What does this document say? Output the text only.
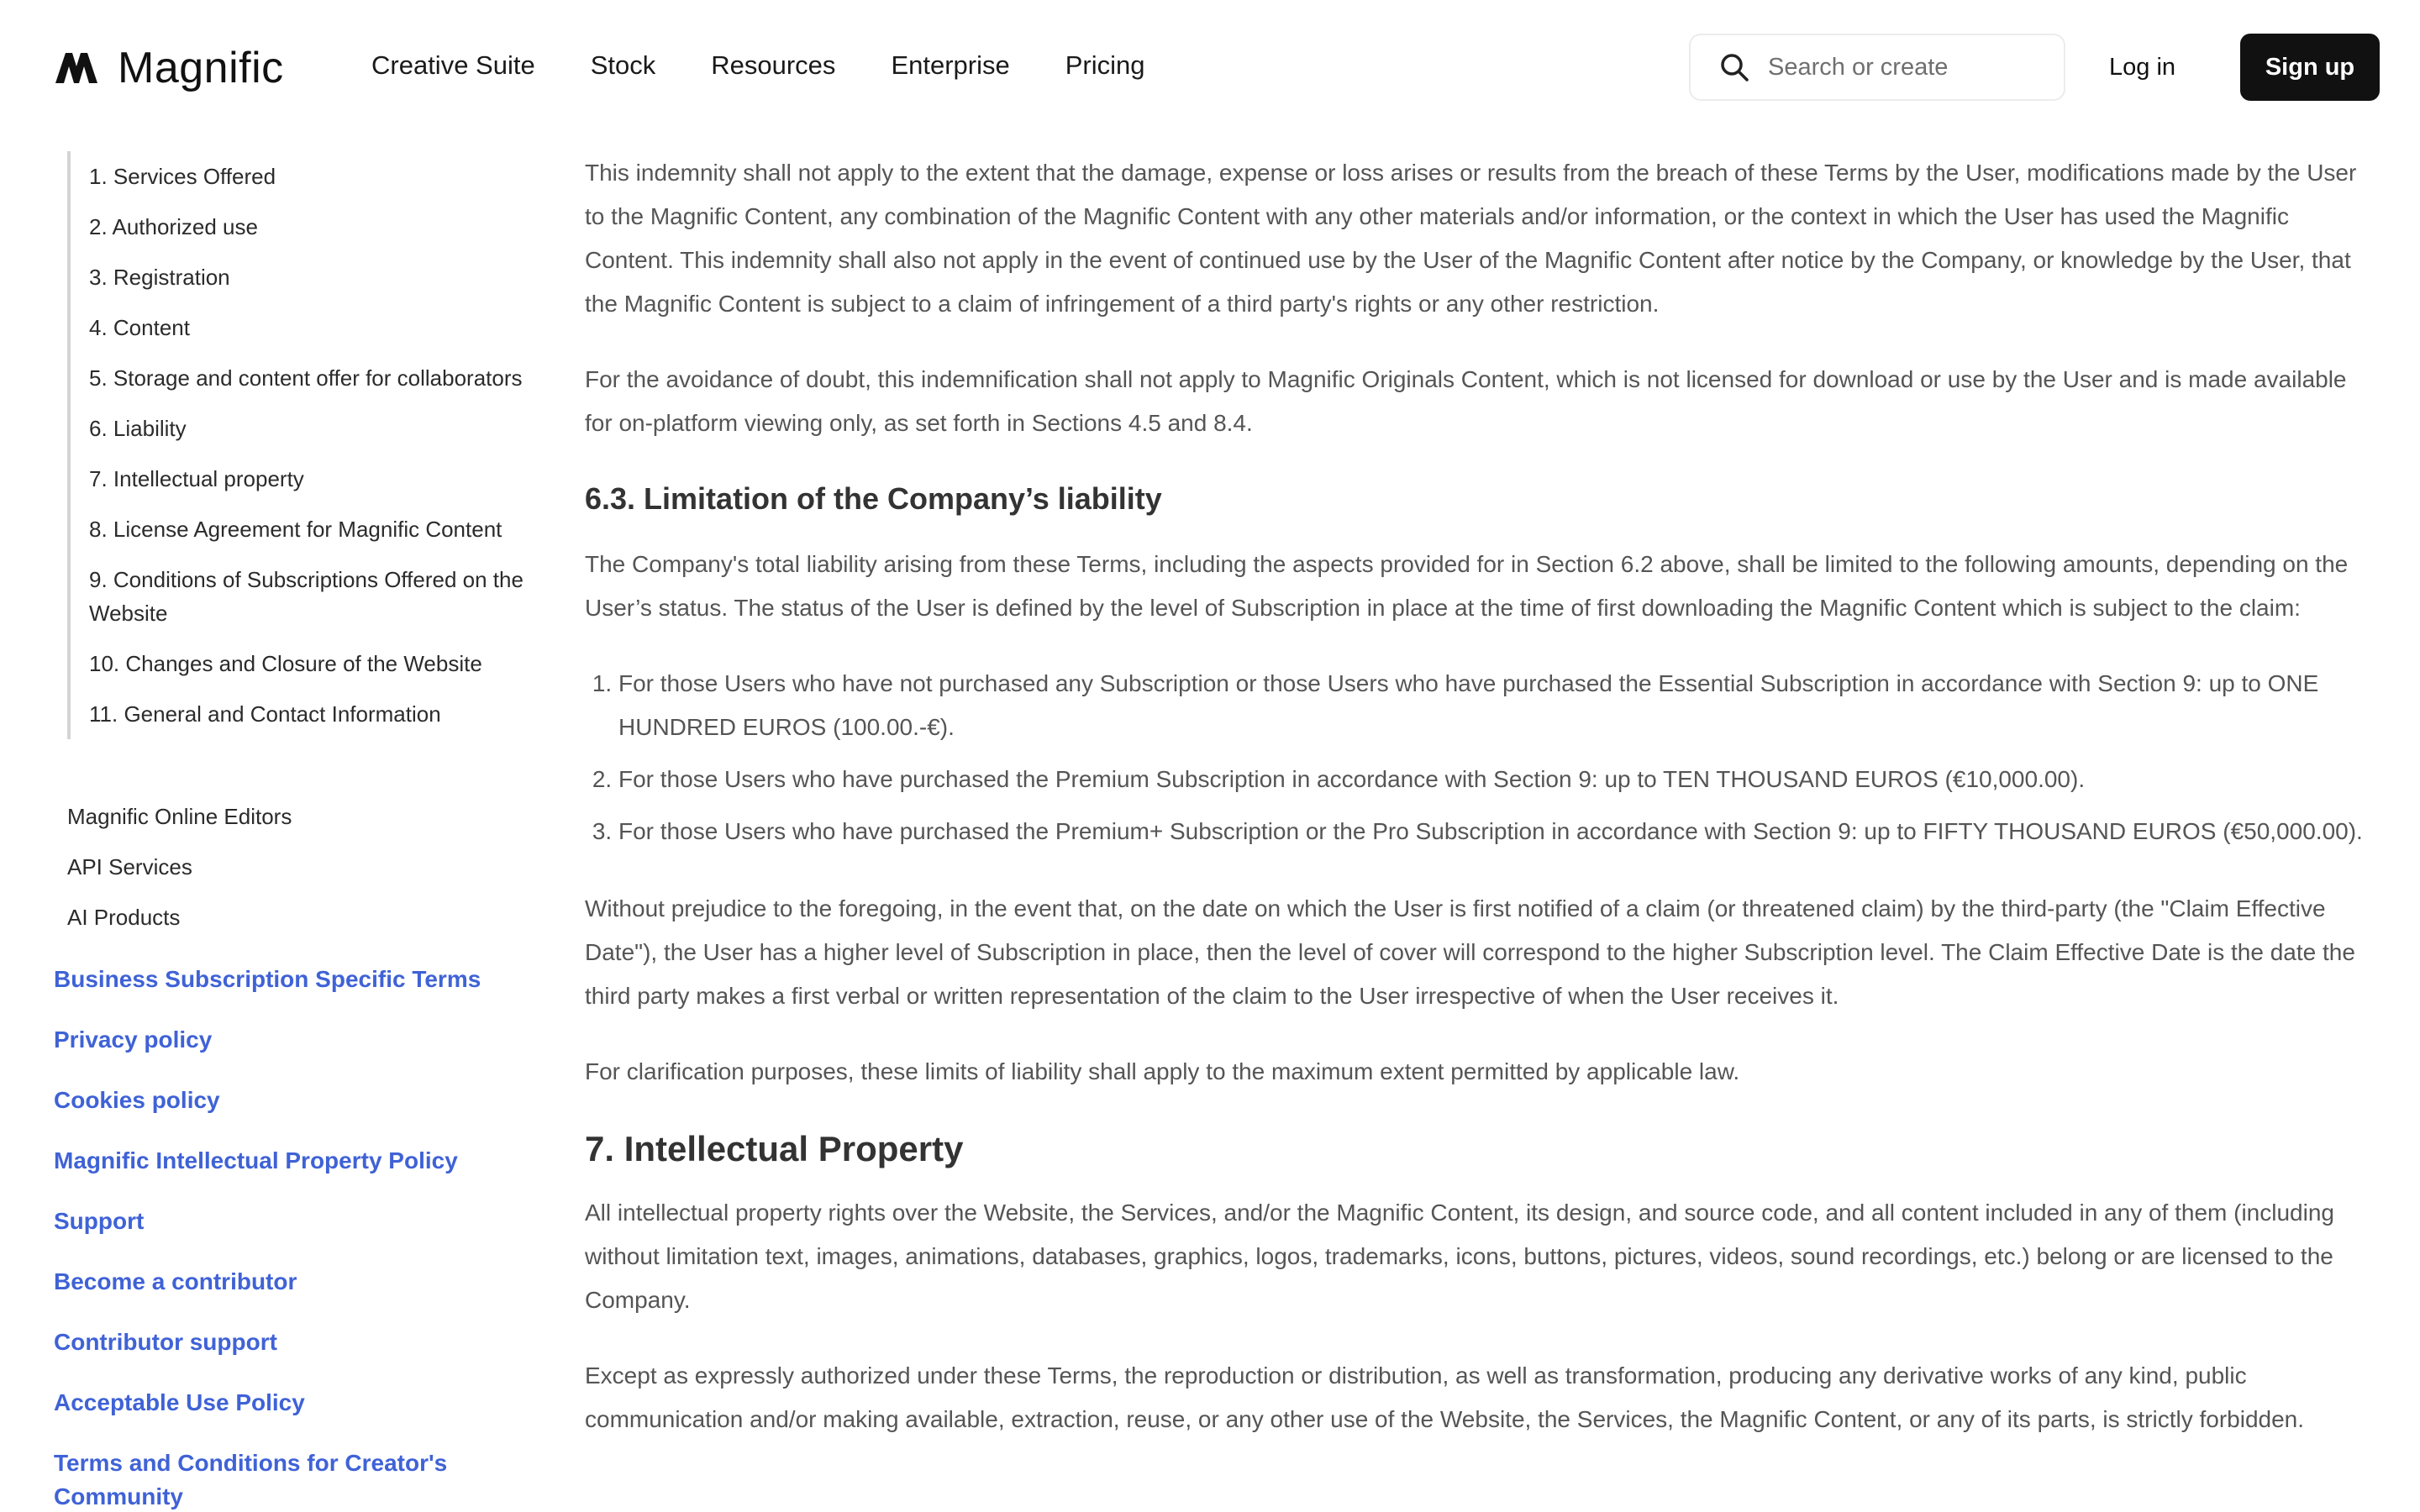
Magnific	Creative Suite Stock Resources Enterprise Pricing
Search or create	Log in	Sign up
1. Services Offered
2. Authorized use
3. Registration
4. Content
5. Storage and content offer for collaborators
6. Liability
7. Intellectual property
8. License Agreement for Magnific Content
9. Conditions of Subscriptions Offered on the Website
10. Changes and Closure of the Website
11. General and Contact Information
Magnific Online Editors
API Services
AI Products
Business Subscription Specific Terms
Privacy policy
Cookies policy
Magnific Intellectual Property Policy
Support
Become a contributor
Contributor support
Acceptable Use Policy
Terms and Conditions for Creator's Community

This indemnity shall not apply to the extent that the damage, expense or loss arises or results from the breach of these Terms by the User, modifications made by the User to the Magnific Content, any combination of the Magnific Content with any other materials and/or information, or the context in which the User has used the Magnific Content. This indemnity shall also not apply in the event of continued use by the User of the Magnific Content after notice by the Company, or knowledge by the User, that the Magnific Content is subject to a claim of infringement of a third party's rights or any other restriction.

For the avoidance of doubt, this indemnification shall not apply to Magnific Originals Content, which is not licensed for download or use by the User and is made available for on-platform viewing only, as set forth in Sections 4.5 and 8.4.

6.3. Limitation of the Company’s liability

The Company's total liability arising from these Terms, including the aspects provided for in Section 6.2 above, shall be limited to the following amounts, depending on the User’s status. The status of the User is defined by the level of Subscription in place at the time of first downloading the Magnific Content which is subject to the claim:

1. For those Users who have not purchased any Subscription or those Users who have purchased the Essential Subscription in accordance with Section 9: up to ONE HUNDRED EUROS (100.00.-€).
2. For those Users who have purchased the Premium Subscription in accordance with Section 9: up to TEN THOUSAND EUROS (€10,000.00).
3. For those Users who have purchased the Premium+ Subscription or the Pro Subscription in accordance with Section 9: up to FIFTY THOUSAND EUROS (€50,000.00).

Without prejudice to the foregoing, in the event that, on the date on which the User is first notified of a claim (or threatened claim) by the third-party (the "Claim Effective Date"), the User has a higher level of Subscription in place, then the level of cover will correspond to the higher Subscription level. The Claim Effective Date is the date the third party makes a first verbal or written representation of the claim to the User irrespective of when the User receives it.

For clarification purposes, these limits of liability shall apply to the maximum extent permitted by applicable law.

7. Intellectual Property

All intellectual property rights over the Website, the Services, and/or the Magnific Content, its design, and source code, and all content included in any of them (including without limitation text, images, animations, databases, graphics, logos, trademarks, icons, buttons, pictures, videos, sound recordings, etc.) belong or are licensed to the Company.

Except as expressly authorized under these Terms, the reproduction or distribution, as well as transformation, producing any derivative works of any kind, public communication and/or making available, extraction, reuse, or any other use of the Website, the Services, the Magnific Content, or any of its parts, is strictly forbidden.
